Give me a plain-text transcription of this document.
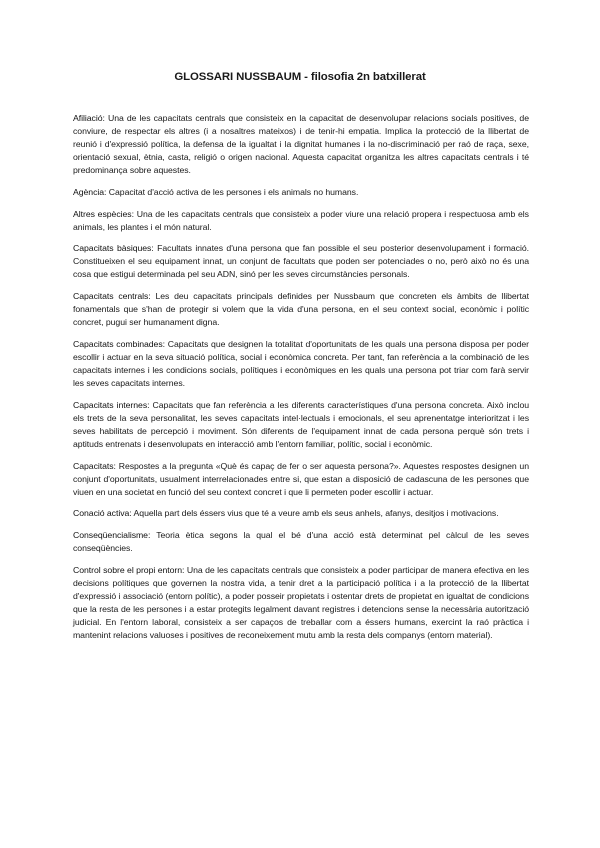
GLOSSARI NUSSBAUM - filosofia 2n batxillerat

Afiliació: Una de les capacitats centrals que consisteix en la capacitat de desenvolupar relacions socials positives, de conviure, de respectar els altres (i a nosaltres mateixos) i de tenir-hi empatia. Implica la protecció de la llibertat de reunió i d'expressió política, la defensa de la igualtat i la dignitat humanes i la no-discriminació per raó de raça, sexe, orientació sexual, ètnia, casta, religió o origen nacional. Aquesta capacitat organitza les altres capacitats centrals i té predominança sobre aquestes.

Agència: Capacitat d'acció activa de les persones i els animals no humans.

Altres espècies: Una de les capacitats centrals que consisteix a poder viure una relació propera i respectuosa amb els animals, les plantes i el món natural.

Capacitats bàsiques: Facultats innates d'una persona que fan possible el seu posterior desenvolupament i formació. Constitueixen el seu equipament innat, un conjunt de facultats que poden ser potenciades o no, però això no és una cosa que estigui determinada pel seu ADN, sinó per les seves circumstàncies personals.

Capacitats centrals: Les deu capacitats principals definides per Nussbaum que concreten els àmbits de llibertat fonamentals que s'han de protegir si volem que la vida d'una persona, en el seu context social, econòmic i polític concret, pugui ser humanament digna.

Capacitats combinades: Capacitats que designen la totalitat d'oportunitats de les quals una persona disposa per poder escollir i actuar en la seva situació política, social i econòmica concreta. Per tant, fan referència a la combinació de les capacitats internes i les condicions socials, polítiques i econòmiques en les quals una persona pot triar com farà servir les seves capacitats internes.

Capacitats internes: Capacitats que fan referència a les diferents característiques d'una persona concreta. Això inclou els trets de la seva personalitat, les seves capacitats intel·lectuals i emocionals, el seu aprenentatge interioritzat i les seves habilitats de percepció i moviment. Són diferents de l'equipament innat de cada persona perquè són trets i aptituds entrenats i desenvolupats en interacció amb l'entorn familiar, polític, social i econòmic.

Capacitats: Respostes a la pregunta «Què és capaç de fer o ser aquesta persona?». Aquestes respostes designen un conjunt d'oportunitats, usualment interrelacionades entre si, que estan a disposició de cadascuna de les persones que viuen en una societat en funció del seu context concret i que li permeten poder escollir i actuar.

Conació activa: Aquella part dels éssers vius que té a veure amb els seus anhels, afanys, desitjos i motivacions.

Conseqüencialisme: Teoria ètica segons la qual el bé d'una acció està determinat pel càlcul de les seves conseqüències.

Control sobre el propi entorn: Una de les capacitats centrals que consisteix a poder participar de manera efectiva en les decisions polítiques que governen la nostra vida, a tenir dret a la participació política i a la protecció de la llibertat d'expressió i associació (entorn polític), a poder posseir propietats i ostentar drets de propietat en igualtat de condicions que la resta de les persones i a estar protegits legalment davant registres i detencions sense la necessària autorització judicial. En l'entorn laboral, consisteix a ser capaços de treballar com a éssers humans, exercint la raó pràctica i mantenint relacions valuoses i positives de reconeixement mutu amb la resta dels companys (entorn material).
